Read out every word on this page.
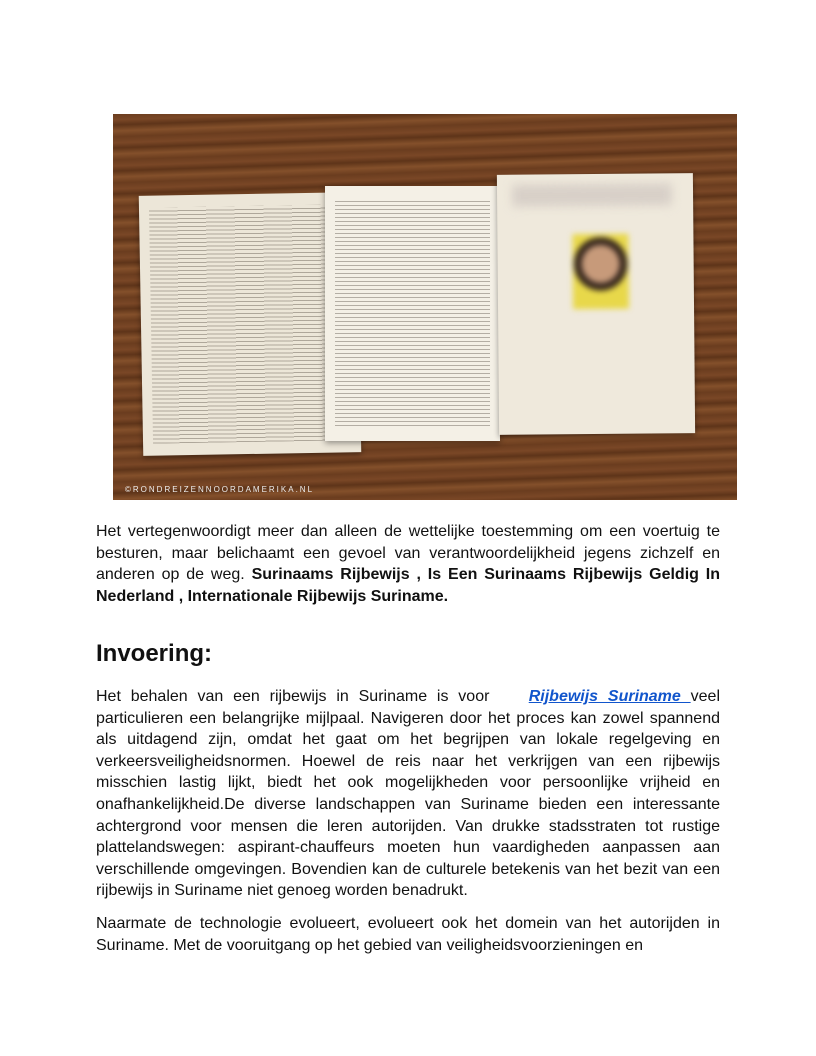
©RONDREIZENNOORDAMERIKA.NL

Het vertegenwoordigt meer dan alleen de wettelijke toestemming om een voertuig te besturen, maar belichaamt een gevoel van verantwoordelijkheid jegens zichzelf en anderen op de weg. Surinaams Rijbewijs , Is Een Surinaams Rijbewijs Geldig In Nederland , Internationale Rijbewijs Suriname.

Invoering:

Het behalen van een rijbewijs in Suriname is voor    Rijbewijs Suriname veel particulieren een belangrijke mijlpaal. Navigeren door het proces kan zowel spannend als uitdagend zijn, omdat het gaat om het begrijpen van lokale regelgeving en verkeersveiligheidsnormen. Hoewel de reis naar het verkrijgen van een rijbewijs misschien lastig lijkt, biedt het ook mogelijkheden voor persoonlijke vrijheid en onafhankelijkheid.De diverse landschappen van Suriname bieden een interessante achtergrond voor mensen die leren autorijden. Van drukke stadsstraten tot rustige plattelandswegen: aspirant-chauffeurs moeten hun vaardigheden aanpassen aan verschillende omgevingen. Bovendien kan de culturele betekenis van het bezit van een rijbewijs in Suriname niet genoeg worden benadrukt.

Naarmate de technologie evolueert, evolueert ook het domein van het autorijden in Suriname. Met de vooruitgang op het gebied van veiligheidsvoorzieningen en
